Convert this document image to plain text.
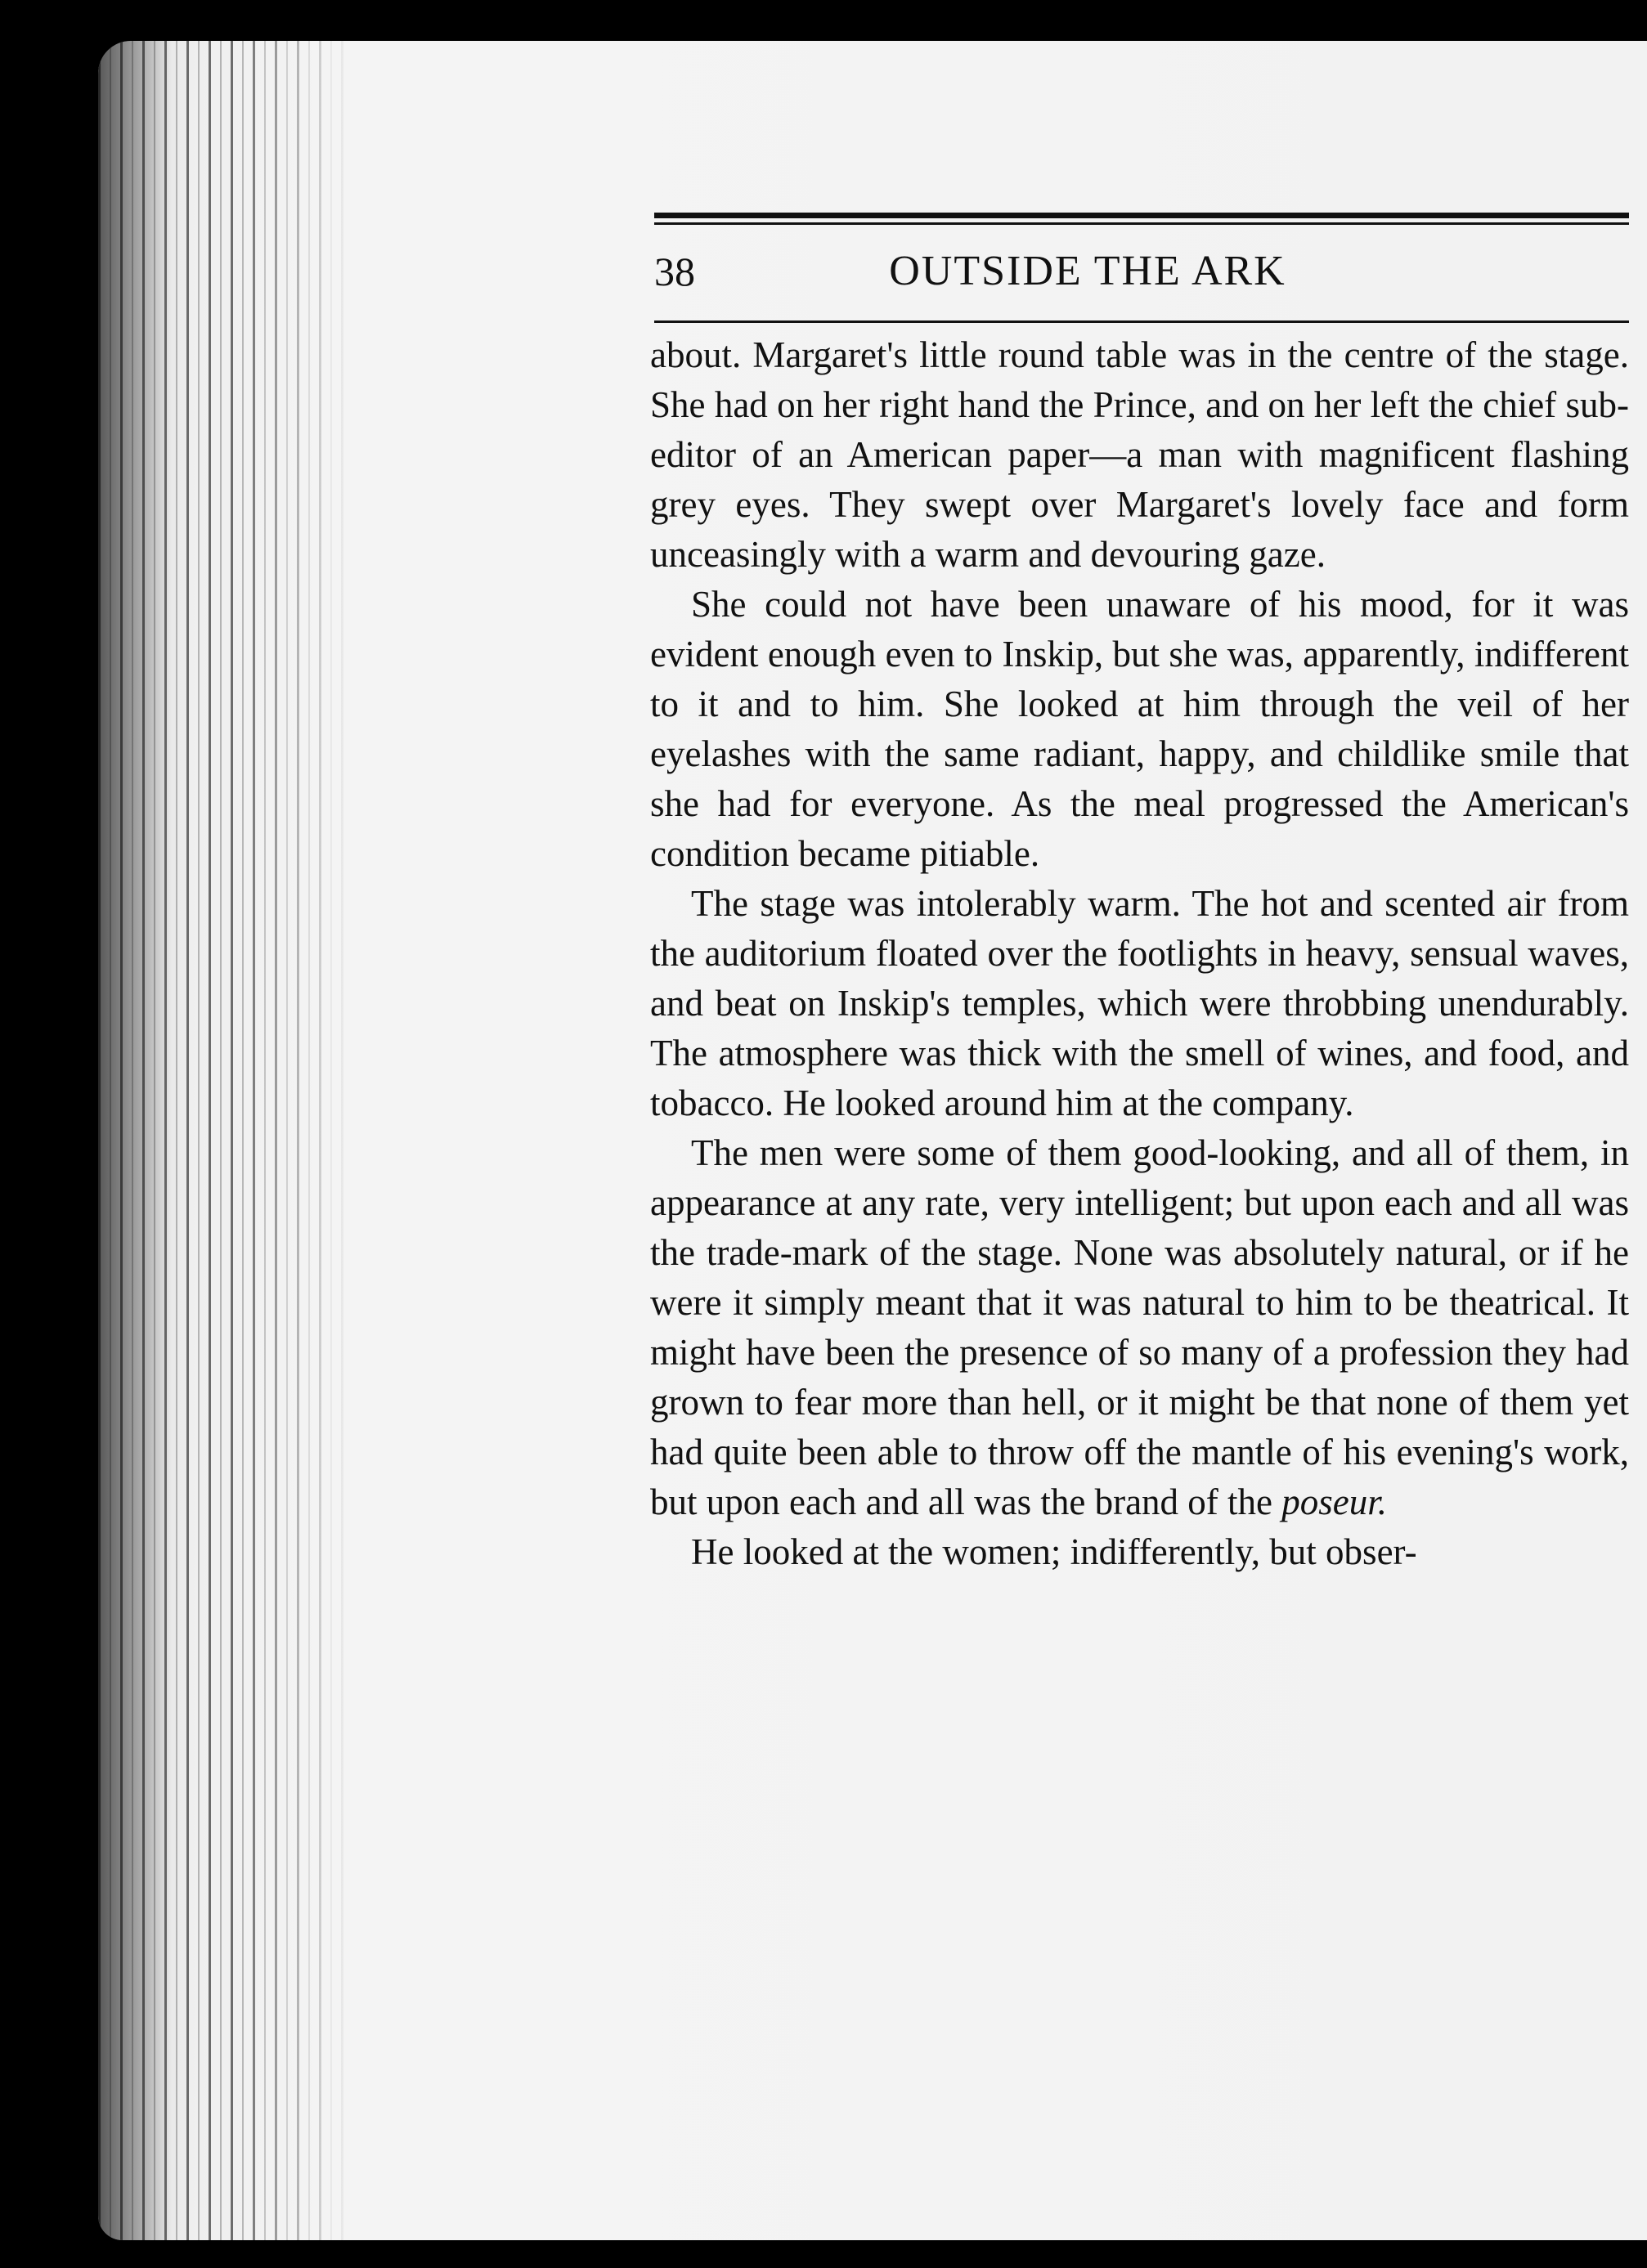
38	OUTSIDE THE ARK

about. Margaret's little round table was in the centre of the stage. She had on her right hand the Prince, and on her left the chief sub-editor of an American paper—a man with magnificent flashing grey eyes. They swept over Margaret's lovely face and form unceasingly with a warm and devouring gaze.

She could not have been unaware of his mood, for it was evident enough even to Inskip, but she was, apparently, indifferent to it and to him. She looked at him through the veil of her eyelashes with the same radiant, happy, and childlike smile that she had for everyone. As the meal progressed the American's condition became pitiable.

The stage was intolerably warm. The hot and scented air from the auditorium floated over the footlights in heavy, sensual waves, and beat on Inskip's temples, which were throbbing unendurably. The atmosphere was thick with the smell of wines, and food, and tobacco. He looked around him at the company.

The men were some of them good-looking, and all of them, in appearance at any rate, very intelligent; but upon each and all was the trade-mark of the stage. None was absolutely natural, or if he were it simply meant that it was natural to him to be theatrical. It might have been the presence of so many of a profession they had grown to fear more than hell, or it might be that none of them yet had quite been able to throw off the mantle of his evening's work, but upon each and all was the brand of the poseur.

He looked at the women; indifferently, but obser-
